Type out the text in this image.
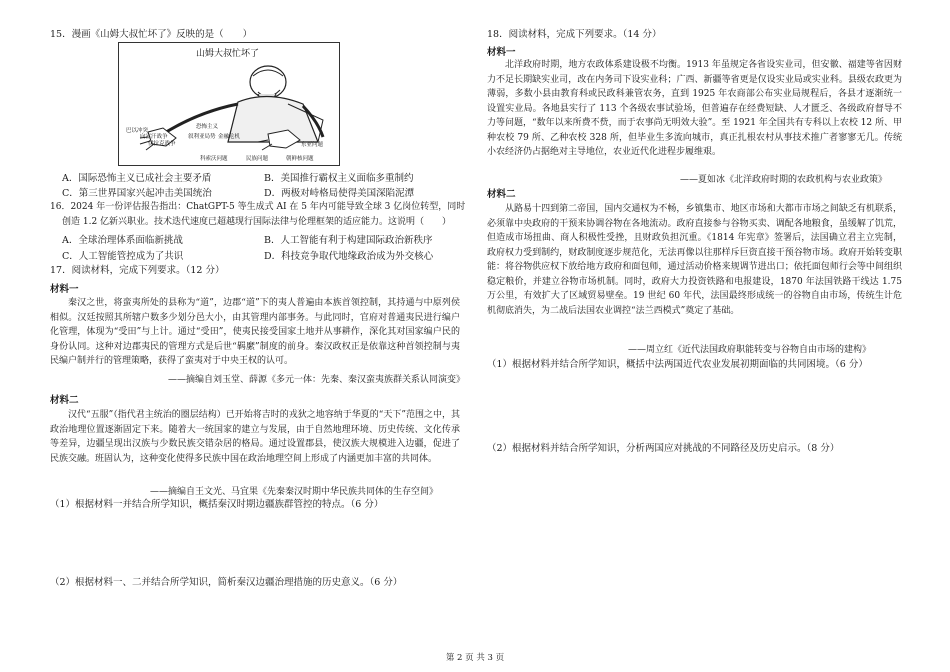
15．漫画《山姆大叔忙坏了》反映的是（　　）
山姆大叔忙坏了
巴以冲突
向富汗战争
伊拉克战争
叙利亚局势 金融危机
科索沃问题	民族问题
东亚问题
朝鲜核问题
恐怖主义
A．国际恐怖主义已成社会主要矛盾	B．美国推行霸权主义面临多重制约
C．第三世界国家兴起冲击美国统治	D．两极对峙格局使得美国深陷泥潭
16．2024 年一份评估报告指出：ChatGPT-5 等生成式 AI 在 5 年内可能导致全球 3 亿岗位转型，同时
创造 1.2 亿新兴职业。技术迭代速度已超越现行国际法律与伦理框架的适应能力。这说明（　　）
A．全球治理体系面临新挑战	B．人工智能有利于构建国际政治新秩序
C．人工智能管控成为了共识	D．科技竞争取代地缘政治成为外交核心
17．阅读材料，完成下列要求。（12 分）
材料一
秦汉之世，将蛮夷所处的县称为“道”，边郡“道”下的夷人普遍由本族首领控制，其持通与中原列侯相似。汉廷按照其所辖户数多少划分邑大小，由其管理内部事务。与此同时，官府对普通夷民进行编户化管理，体现为“受田”与上计。通过“受田”，使夷民接受国家土地并从事耕作，深化其对国家编户民的身份认同。这种对边郡夷民的管理方式是后世“羁縻”制度的前身。秦汉政权正是依靠这种首领控制与夷民编户制并行的管理策略，获得了蛮夷对于中央王权的认可。
——摘编自刘玉堂、薛源《多元一体：先秦、秦汉蛮夷族群关系认同演变》
材料二
汉代“五服”（指代君主统治的圈层结构）已开始将吉时的戎狄之地容纳于华夏的“天下”范围之中，其政治地理位置逐渐固定下来。随着大一统国家的建立与发展，由于自然地理环境、历史传统、文化传承等差异，边疆呈现出汉族与少数民族交错杂居的格局。通过设置郡县，使汉族大规模进入边疆，促进了民族交融。班固认为，这种变化使得多民族中国在政治地理空间上形成了内涵更加丰富的共同体。
——摘编自王文光、马宜果《先秦秦汉时期中华民族共同体的生存空间》
（1）根据材料一并结合所学知识，概括秦汉时期边疆族群管控的特点。（6 分）
（2）根据材料一、二并结合所学知识，简析秦汉边疆治理措施的历史意义。（6 分）
18．阅读材料，完成下列要求。（14 分）
材料一
北洋政府时期，地方农政体系建设极不均衡。1913 年虽规定各省设实业司，但安徽、福建等省因财力不足长期缺实业司，改在内务司下设实业科；广西、新疆等省更是仅设实业局或实业科。县级农政更为薄弱，多数小县由教育科或民政科兼管农务，直到 1925 年农商部公布实业局规程后，各县才逐渐统一设置实业局。各地县实行了 113 个各级农事试验场，但普遍存在经费短缺、人才匮乏、各级政府督导不力等问题，“数年以来所费不赀，而于农事尚无明效大验”。至 1921 年全国共有专科以上农校 12 所、甲种农校 79 所、乙种农校 328 所，但毕业生多流向城市，真正扎根农村从事技术推广者寥寥无几。传统小农经济仍占据绝对主导地位，农业近代化进程步履维艰。
——夏如冰《北洋政府时期的农政机构与农业政策》
材料二
从路易十四到第二帝国，国内交通权为不畅，乡镇集市、地区市场和大都市市场之间缺乏有机联系，必须靠中央政府的干预来协调谷物在各地流动。政府直接参与谷物买卖、调配各地粮食，虽缓解了饥荒，但造成市场扭曲、商人积极性受挫，且财政负担沉重。《1814 年宪章》签署后，法国确立君主立宪制，政府权力受到制约，财政制度逐步规范化，无法再像以往那样斥巨资直接干预谷物市场。政府开始转变职能：将谷物供应权下放给地方政府和面包师，通过活动价格来规调节进出口；依托面包师行会等中间组织稳定粮价，并建立谷物市场机制。同时，政府大力投资铁路和电报建设，1870 年法国铁路干线达 1.75 万公里，有效扩大了区域贸易壁垒。19 世纪 60 年代，法国最终形成统一的谷物自由市场，传统生计危机彻底消失，为二战后法国农业调控“法兰西模式”奠定了基础。
——周立红《近代法国政府职能转变与谷物自由市场的建构》
（1）根据材料并结合所学知识，概括中法两国近代农业发展初期面临的共同困境。（6 分）
（2）根据材料并结合所学知识，分析两国应对挑战的不同路径及历史启示。（8 分）
第 2 页 共 3 页
